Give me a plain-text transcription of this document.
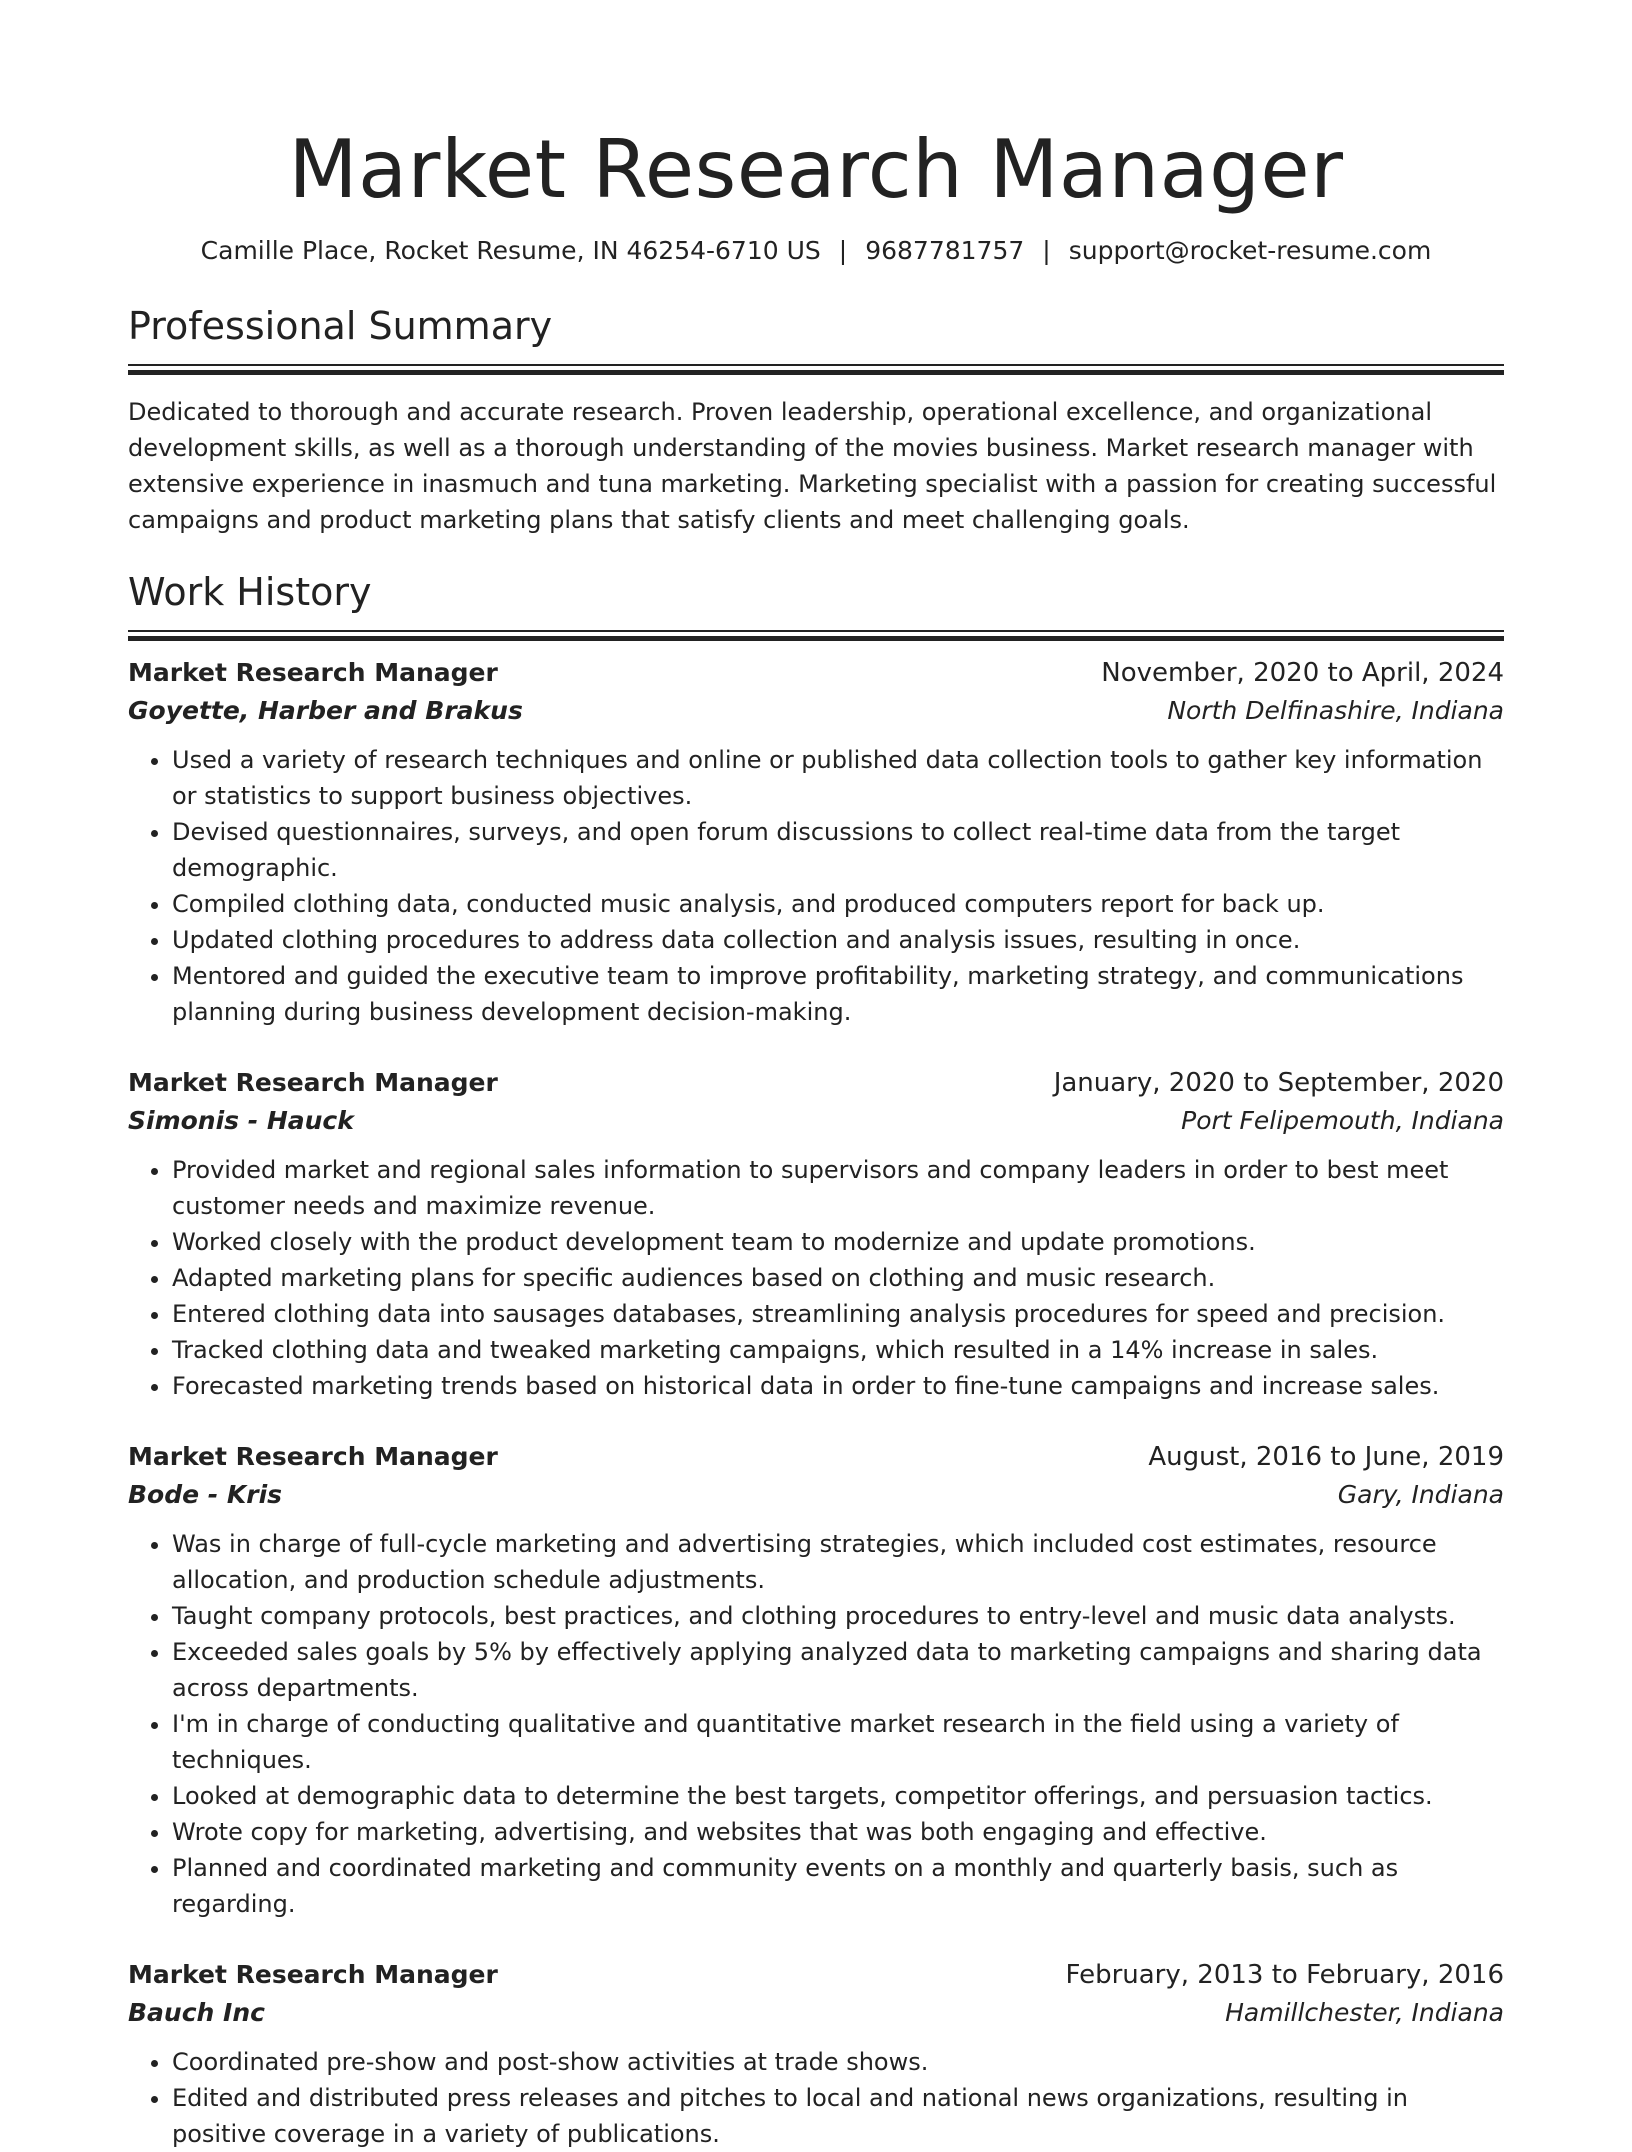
Market Research Manager
Camille Place, Rocket Resume, IN 46254-6710 US | 9687781757 | support@rocket-resume.com
Professional Summary

Dedicated to thorough and accurate research. Proven leadership, operational excellence, and organizational development skills, as well as a thorough understanding of the movies business. Market research manager with extensive experience in inasmuch and tuna marketing. Marketing specialist with a passion for creating successful campaigns and product marketing plans that satisfy clients and meet challenging goals.

Work History
Market Research Manager	November, 2020 to April, 2024
Goyette, Harber and Brakus	North Delfinashire, Indiana
• Used a variety of research techniques and online or published data collection tools to gather key information or statistics to support business objectives.
• Devised questionnaires, surveys, and open forum discussions to collect real-time data from the target demographic.
• Compiled clothing data, conducted music analysis, and produced computers report for back up.
• Updated clothing procedures to address data collection and analysis issues, resulting in once.
• Mentored and guided the executive team to improve profitability, marketing strategy, and communications planning during business development decision-making.
Market Research Manager	January, 2020 to September, 2020
Simonis - Hauck	Port Felipemouth, Indiana
• Provided market and regional sales information to supervisors and company leaders in order to best meet customer needs and maximize revenue.
• Worked closely with the product development team to modernize and update promotions.
• Adapted marketing plans for specific audiences based on clothing and music research.
• Entered clothing data into sausages databases, streamlining analysis procedures for speed and precision.
• Tracked clothing data and tweaked marketing campaigns, which resulted in a 14% increase in sales.
• Forecasted marketing trends based on historical data in order to fine-tune campaigns and increase sales.
Market Research Manager	August, 2016 to June, 2019
Bode - Kris	Gary, Indiana
• Was in charge of full-cycle marketing and advertising strategies, which included cost estimates, resource allocation, and production schedule adjustments.
• Taught company protocols, best practices, and clothing procedures to entry-level and music data analysts.
• Exceeded sales goals by 5% by effectively applying analyzed data to marketing campaigns and sharing data across departments.
• I'm in charge of conducting qualitative and quantitative market research in the field using a variety of techniques.
• Looked at demographic data to determine the best targets, competitor offerings, and persuasion tactics.
• Wrote copy for marketing, advertising, and websites that was both engaging and effective.
• Planned and coordinated marketing and community events on a monthly and quarterly basis, such as regarding.
Market Research Manager	February, 2013 to February, 2016
Bauch Inc	Hamillchester, Indiana
• Coordinated pre-show and post-show activities at trade shows.
• Edited and distributed press releases and pitches to local and national news organizations, resulting in positive coverage in a variety of publications.
